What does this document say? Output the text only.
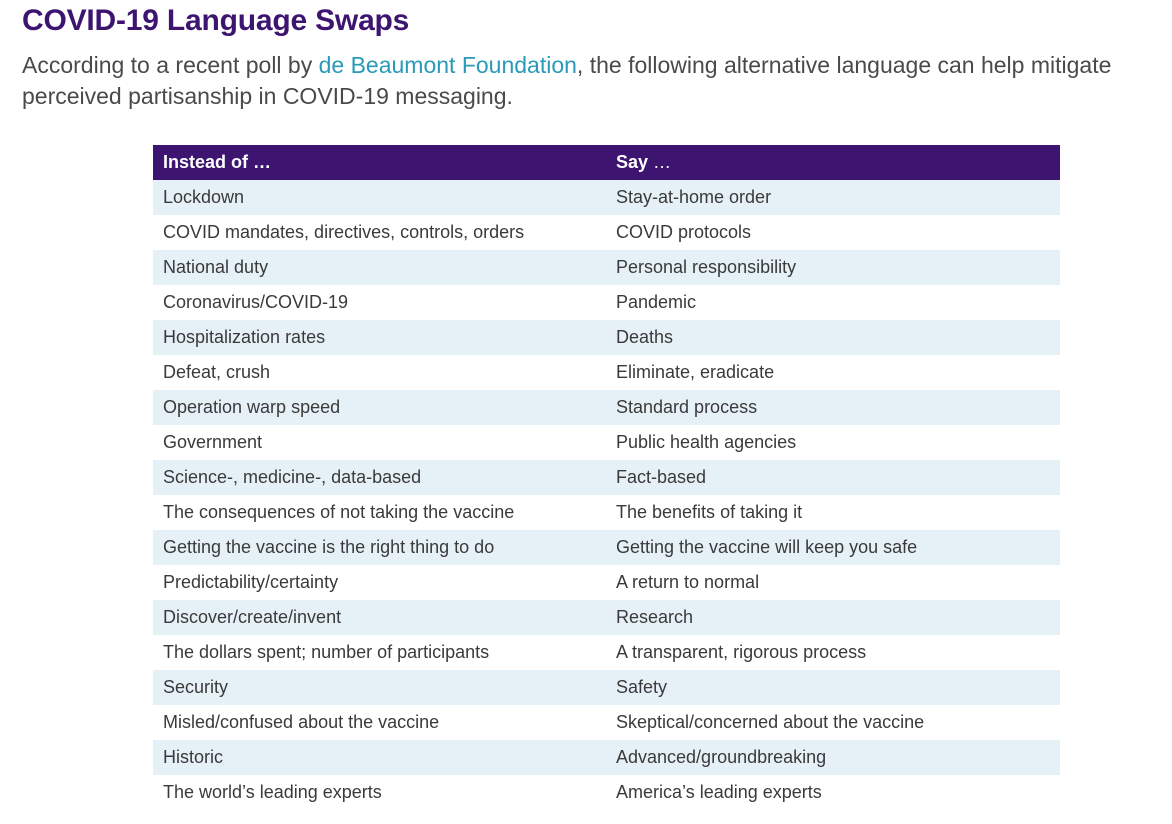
COVID-19 Language Swaps

According to a recent poll by de Beaumont Foundation, the following alternative language can help mitigate perceived partisanship in COVID-19 messaging.

Instead of …	Say …
Lockdown	Stay-at-home order
COVID mandates, directives, controls, orders	COVID protocols
National duty	Personal responsibility
Coronavirus/COVID-19	Pandemic
Hospitalization rates	Deaths
Defeat, crush	Eliminate, eradicate
Operation warp speed	Standard process
Government	Public health agencies
Science-, medicine-, data-based	Fact-based
The consequences of not taking the vaccine	The benefits of taking it
Getting the vaccine is the right thing to do	Getting the vaccine will keep you safe
Predictability/certainty	A return to normal
Discover/create/invent	Research
The dollars spent; number of participants	A transparent, rigorous process
Security	Safety
Misled/confused about the vaccine	Skeptical/concerned about the vaccine
Historic	Advanced/groundbreaking
The world’s leading experts	America’s leading experts
